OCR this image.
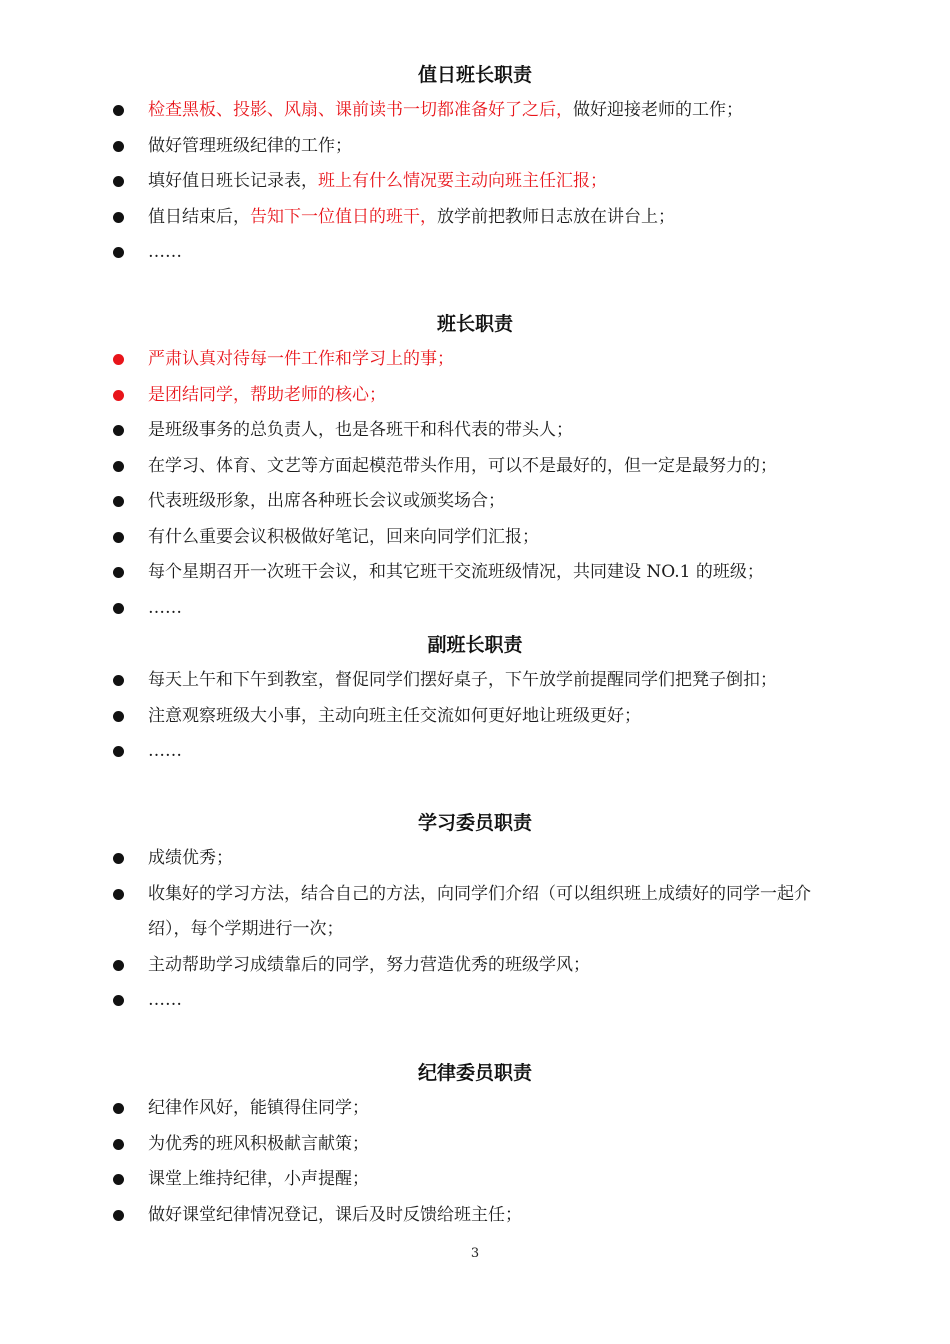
值日班长职责
检查黑板、投影、风扇、课前读书一切都准备好了之后，做好迎接老师的工作；
做好管理班级纪律的工作；
填好值日班长记录表，班上有什么情况要主动向班主任汇报；
值日结束后，告知下一位值日的班干，放学前把教师日志放在讲台上；
……
班长职责
严肃认真对待每一件工作和学习上的事；
是团结同学，帮助老师的核心；
是班级事务的总负责人，也是各班干和科代表的带头人；
在学习、体育、文艺等方面起模范带头作用，可以不是最好的，但一定是最努力的；
代表班级形象，出席各种班长会议或颁奖场合；
有什么重要会议积极做好笔记，回来向同学们汇报；
每个星期召开一次班干会议，和其它班干交流班级情况，共同建设 NO.1 的班级；
……
副班长职责
每天上午和下午到教室，督促同学们摆好桌子，下午放学前提醒同学们把凳子倒扣；
注意观察班级大小事，主动向班主任交流如何更好地让班级更好；
……
学习委员职责
成绩优秀；
收集好的学习方法，结合自己的方法，向同学们介绍（可以组织班上成绩好的同学一起介绍），每个学期进行一次；
主动帮助学习成绩靠后的同学，努力营造优秀的班级学风；
……
纪律委员职责
纪律作风好，能镇得住同学；
为优秀的班风积极献言献策；
课堂上维持纪律，小声提醒；
做好课堂纪律情况登记，课后及时反馈给班主任；
3
